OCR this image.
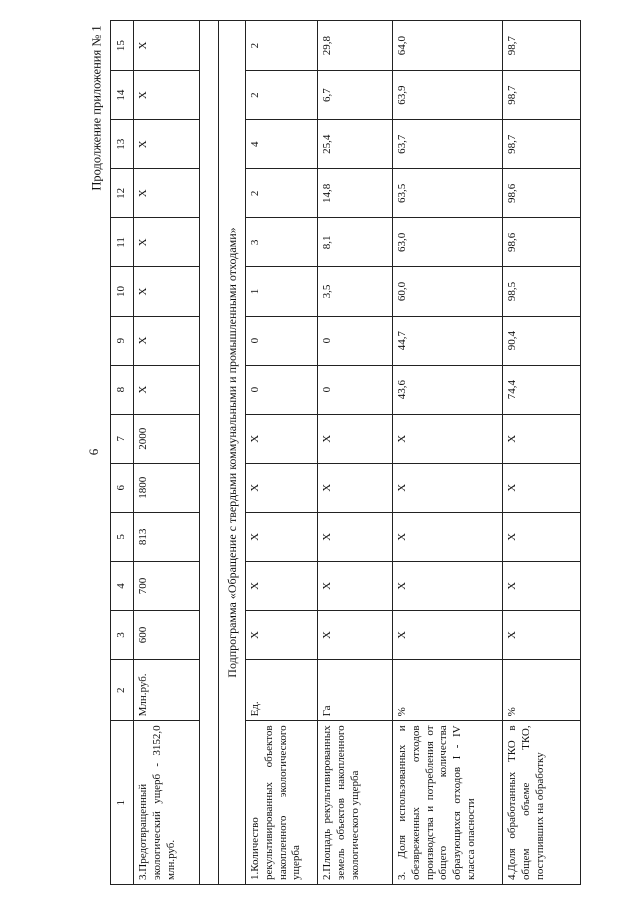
6
Продолжение приложения № 1
1	2	3	4	5	6	7	8	9	10	11	12	13	14	15
3.Предотвращенный экологический ущерб - 3152,0 млн.руб.	Млн.руб.	600	700	813	1800	2000	X	X	X	X	X	X	X	X

Подпрограмма «Обращение с твердыми коммунальными и промышленными отходами»														
1.Количество рекультивированных объектов накопленного экологического ущерба	Ед.	X	X	X	X	X	0	0	1	3	2	4	2	2
2.Площадь рекультивированных земель объектов накопленного экологического ущерба	Га	X	X	X	X	X	0	0	3,5	8,1	14,8	25,4	6,7	29,8
3. Доля использованных и обезвреженных отходов производства и потребления от общего количества образующихся отходов I - IV класса опасности	%	X	X	X	X	X	43,6	44,7	60,0	63,0	63,5	63,7	63,9	64,0
4.Доля обработанных ТКО в общем объеме ТКО, поступивших на обработку	%	X	X	X	X	X	74,4	90,4	98,5	98,6	98,6	98,7	98,7	98,7
